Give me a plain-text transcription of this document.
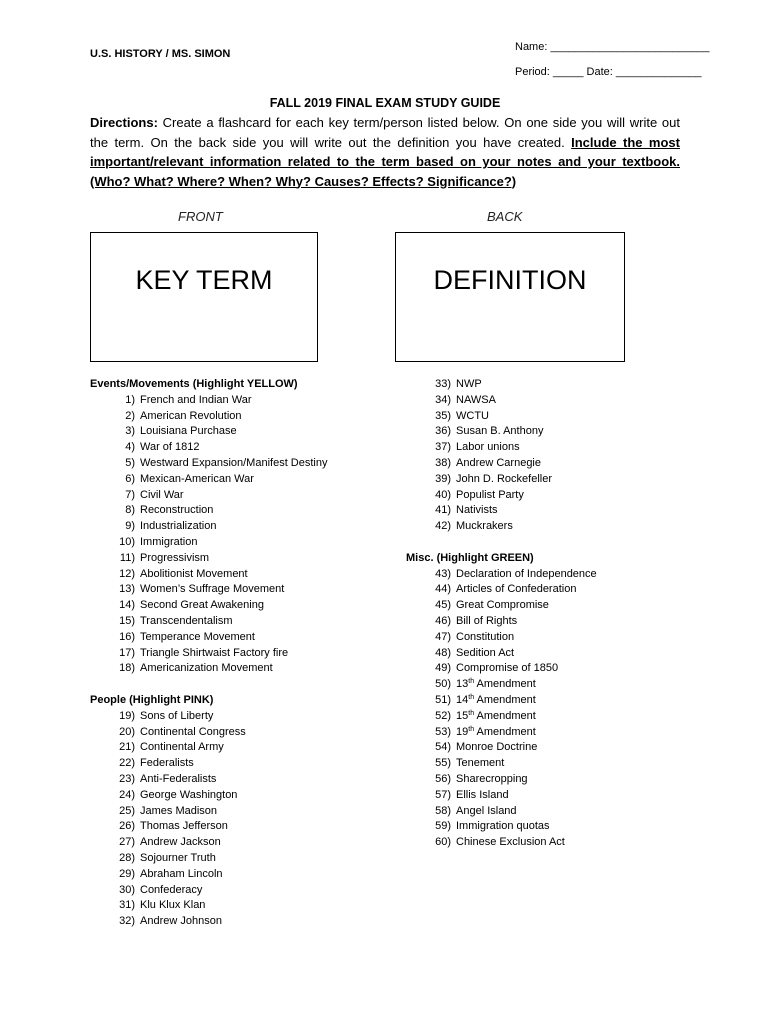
U.S. HISTORY / MS. SIMON
Name: __________________________
Period: _____ Date: ______________
FALL 2019 FINAL EXAM STUDY GUIDE
Directions: Create a flashcard for each key term/person listed below. On one side you will write out the term. On the back side you will write out the definition you have created. Include the most important/relevant information related to the term based on your notes and your textbook. (Who? What? Where? When? Why? Causes? Effects? Significance?)
FRONT	BACK
KEY TERM	DEFINITION
Events/Movements (Highlight YELLOW)
1) French and Indian War
2) American Revolution
3) Louisiana Purchase
4) War of 1812
5) Westward Expansion/Manifest Destiny
6) Mexican-American War
7) Civil War
8) Reconstruction
9) Industrialization
10) Immigration
11) Progressivism
12) Abolitionist Movement
13) Women’s Suffrage Movement
14) Second Great Awakening
15) Transcendentalism
16) Temperance Movement
17) Triangle Shirtwaist Factory fire
18) Americanization Movement
People (Highlight PINK)
19) Sons of Liberty
20) Continental Congress
21) Continental Army
22) Federalists
23) Anti-Federalists
24) George Washington
25) James Madison
26) Thomas Jefferson
27) Andrew Jackson
28) Sojourner Truth
29) Abraham Lincoln
30) Confederacy
31) Klu Klux Klan
32) Andrew Johnson
33) NWP
34) NAWSA
35) WCTU
36) Susan B. Anthony
37) Labor unions
38) Andrew Carnegie
39) John D. Rockefeller
40) Populist Party
41) Nativists
42) Muckrakers
Misc. (Highlight GREEN)
43) Declaration of Independence
44) Articles of Confederation
45) Great Compromise
46) Bill of Rights
47) Constitution
48) Sedition Act
49) Compromise of 1850
50) 13th Amendment
51) 14th Amendment
52) 15th Amendment
53) 19th Amendment
54) Monroe Doctrine
55) Tenement
56) Sharecropping
57) Ellis Island
58) Angel Island
59) Immigration quotas
60) Chinese Exclusion Act
